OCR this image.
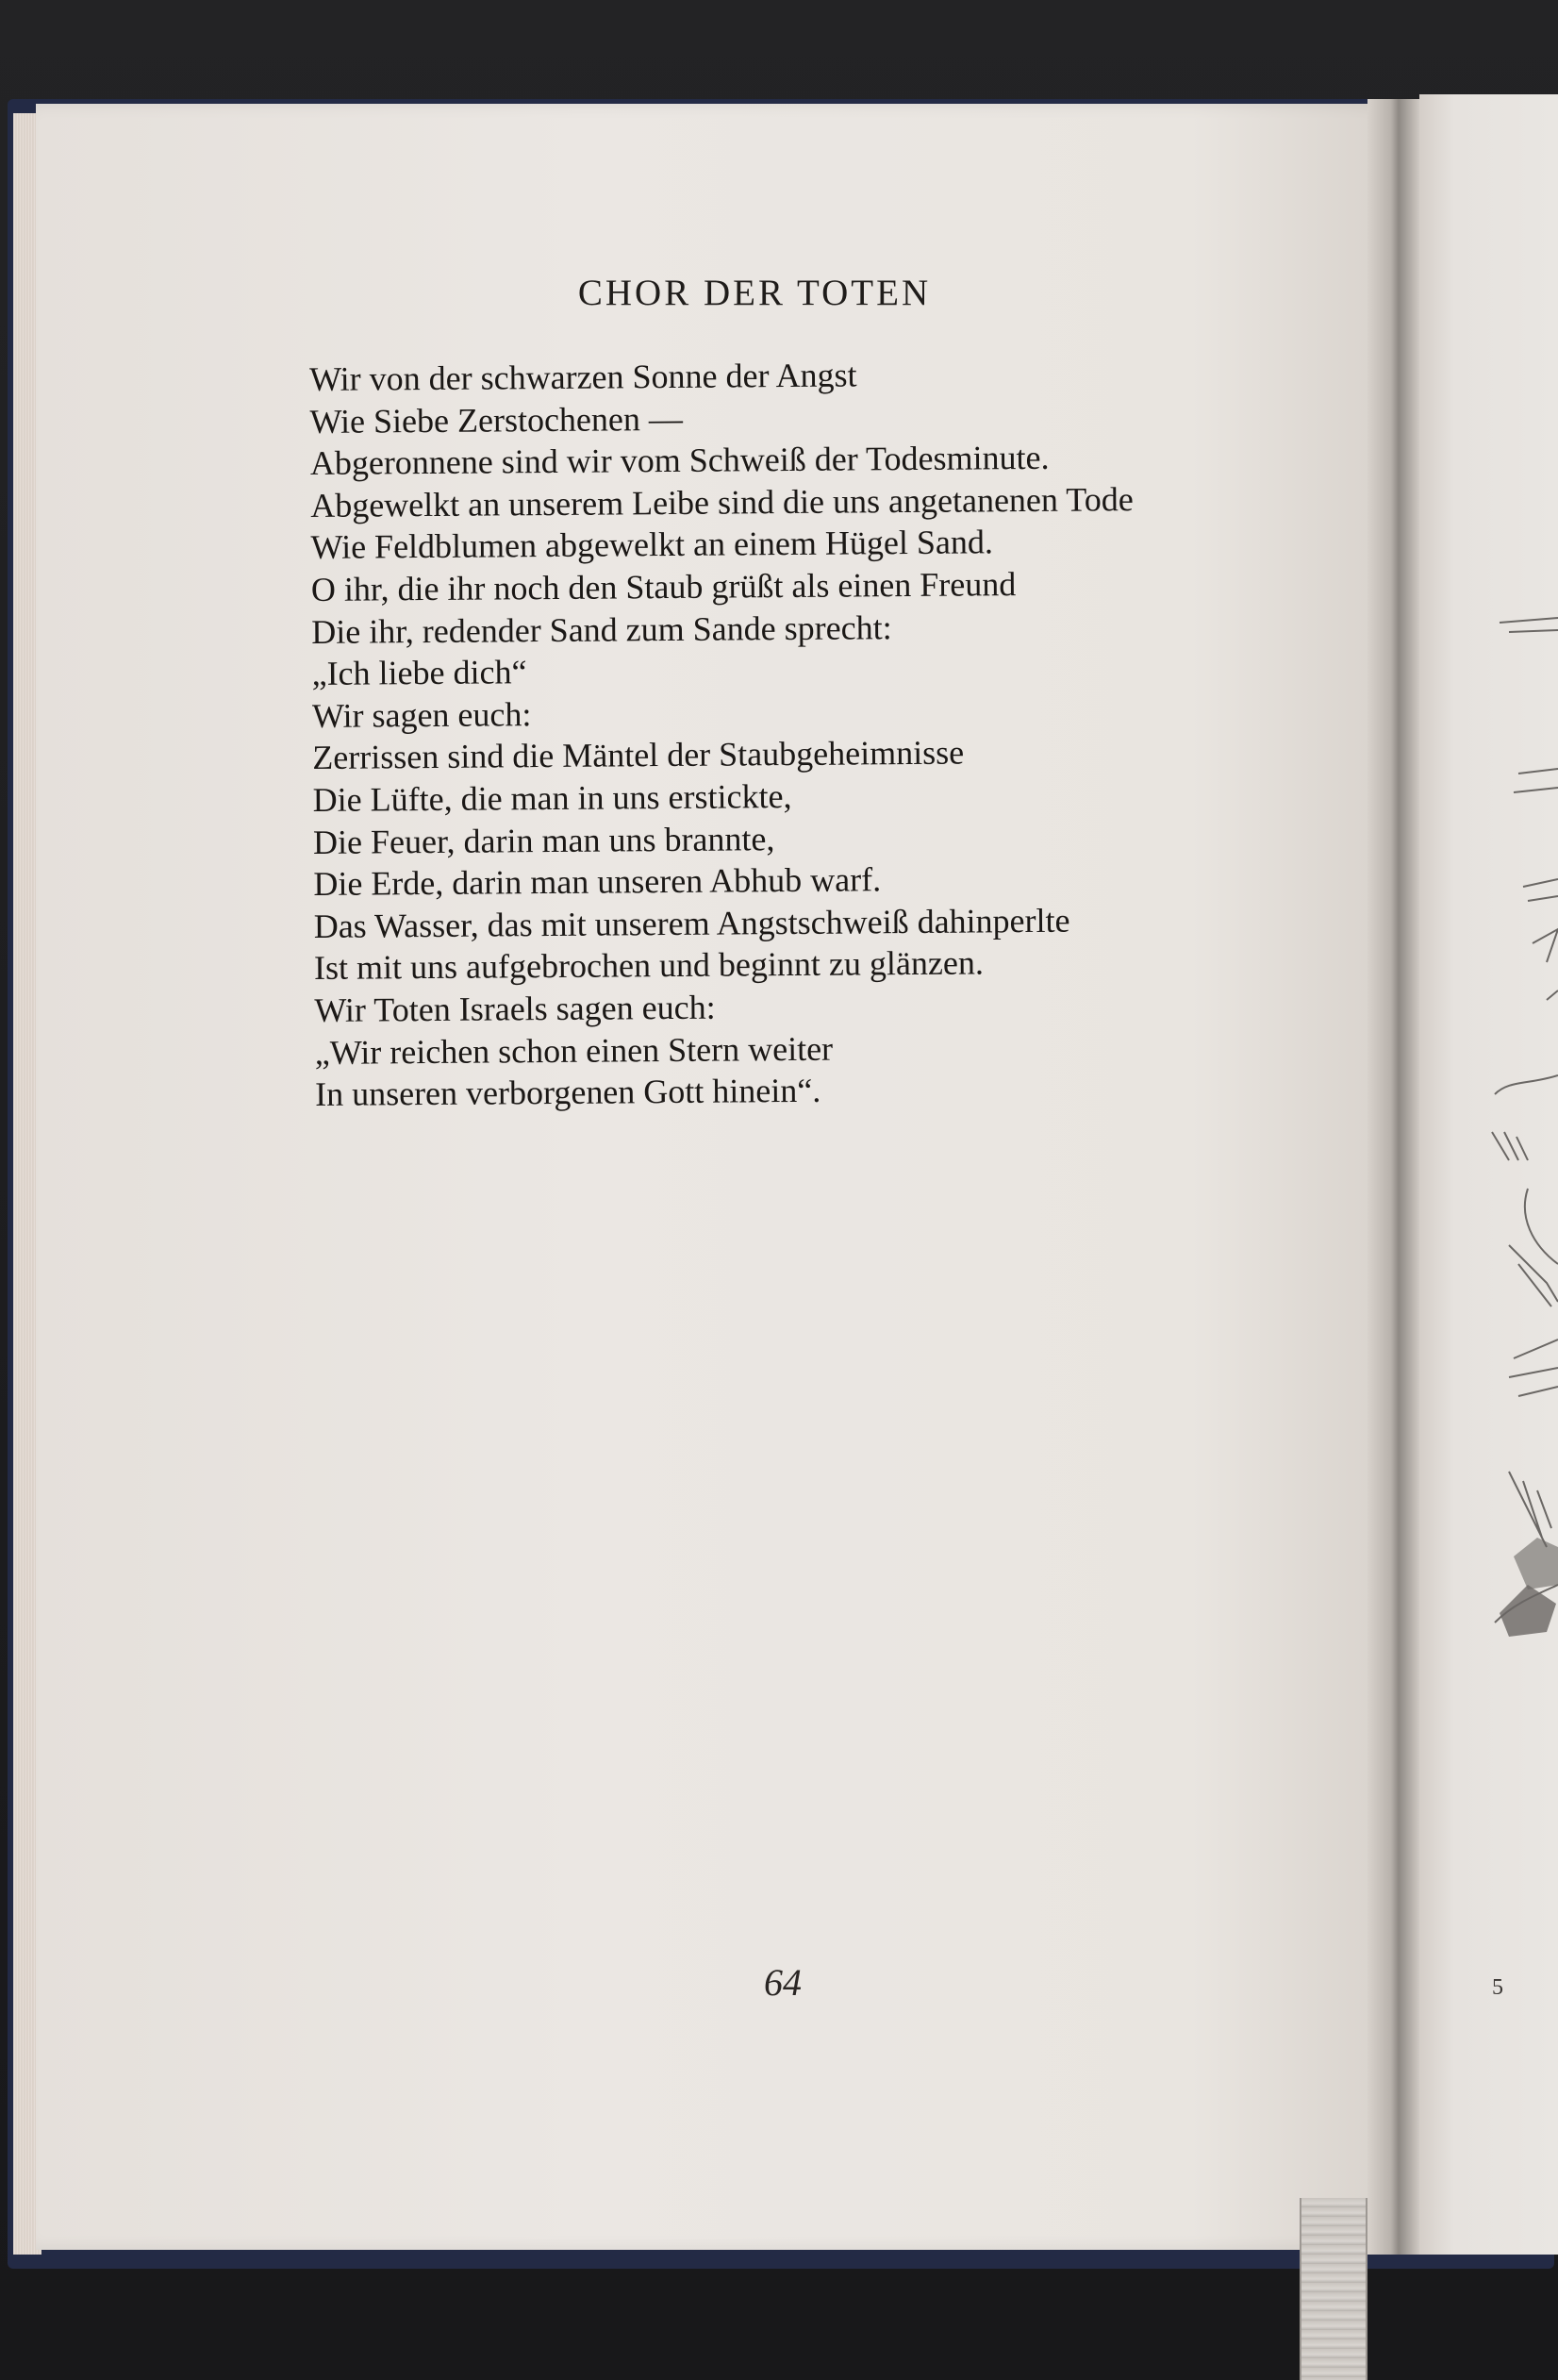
CHOR DER TOTEN
Wir von der schwarzen Sonne der Angst
Wie Siebe Zerstochenen —
Abgeronnene sind wir vom Schweiß der Todesminute.
Abgewelkt an unserem Leibe sind die uns angetanenen Tode
Wie Feldblumen abgewelkt an einem Hügel Sand.
O ihr, die ihr noch den Staub grüßt als einen Freund
Die ihr, redender Sand zum Sande sprecht:
„Ich liebe dich“
Wir sagen euch:
Zerrissen sind die Mäntel der Staubgeheimnisse
Die Lüfte, die man in uns erstickte,
Die Feuer, darin man uns brannte,
Die Erde, darin man unseren Abhub warf.
Das Wasser, das mit unserem Angstschweiß dahinperlte
Ist mit uns aufgebrochen und beginnt zu glänzen.
Wir Toten Israels sagen euch:
„Wir reichen schon einen Stern weiter
In unseren verborgenen Gott hinein“.
64	5
